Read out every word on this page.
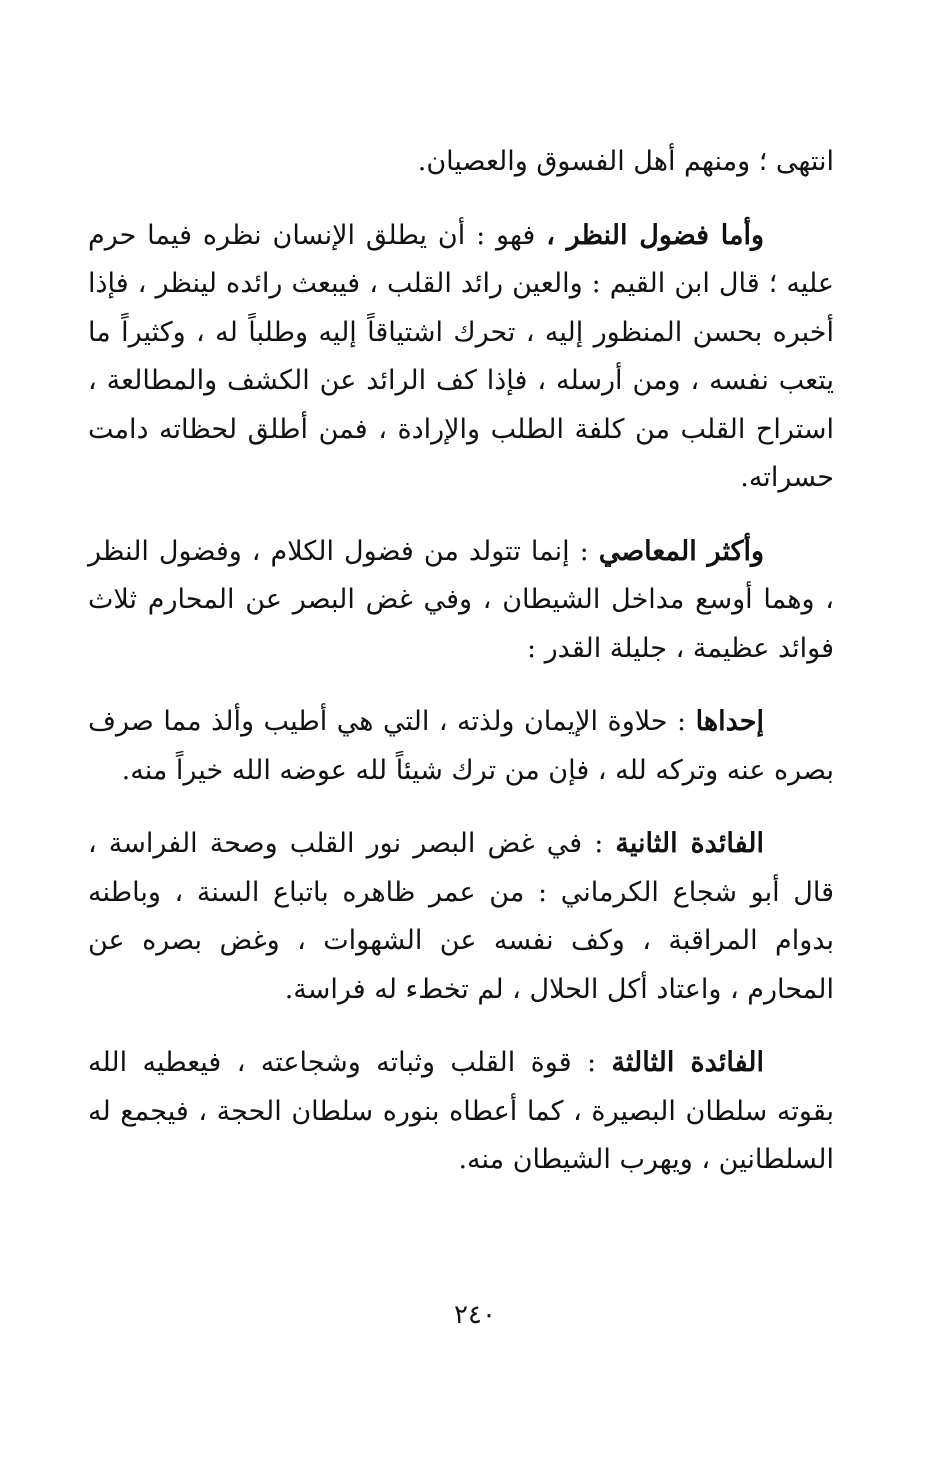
انتهى ؛ ومنهم أهل الفسوق والعصيان.

وأما فضول النظر ، فهو : أن يطلق الإنسان نظره فيما حرم عليه ؛ قال ابن القيم : والعين رائد القلب ، فيبعث رائده لينظر ، فإذا أخبره بحسن المنظور إليه ، تحرك اشتياقاً إليه وطلباً له ، وكثيراً ما يتعب نفسه ، ومن أرسله ، فإذا كف الرائد عن الكشف والمطالعة ، استراح القلب من كلفة الطلب والإرادة ، فمن أطلق لحظاته دامت حسراته.

وأكثر المعاصي : إنما تتولد من فضول الكلام ، وفضول النظر ، وهما أوسع مداخل الشيطان ، وفي غض البصر عن المحارم ثلاث فوائد عظيمة ، جليلة القدر :

إحداها : حلاوة الإيمان ولذته ، التي هي أطيب وألذ مما صرف بصره عنه وتركه لله ، فإن من ترك شيئاً لله عوضه الله خيراً منه.

الفائدة الثانية : في غض البصر نور القلب وصحة الفراسة ، قال أبو شجاع الكرماني : من عمر ظاهره باتباع السنة ، وباطنه بدوام المراقبة ، وكف نفسه عن الشهوات ، وغض بصره عن المحارم ، واعتاد أكل الحلال ، لم تخطء له فراسة.

الفائدة الثالثة : قوة القلب وثباته وشجاعته ، فيعطيه الله بقوته سلطان البصيرة ، كما أعطاه بنوره سلطان الحجة ، فيجمع له السلطانين ، ويهرب الشيطان منه.

٢٤٠
